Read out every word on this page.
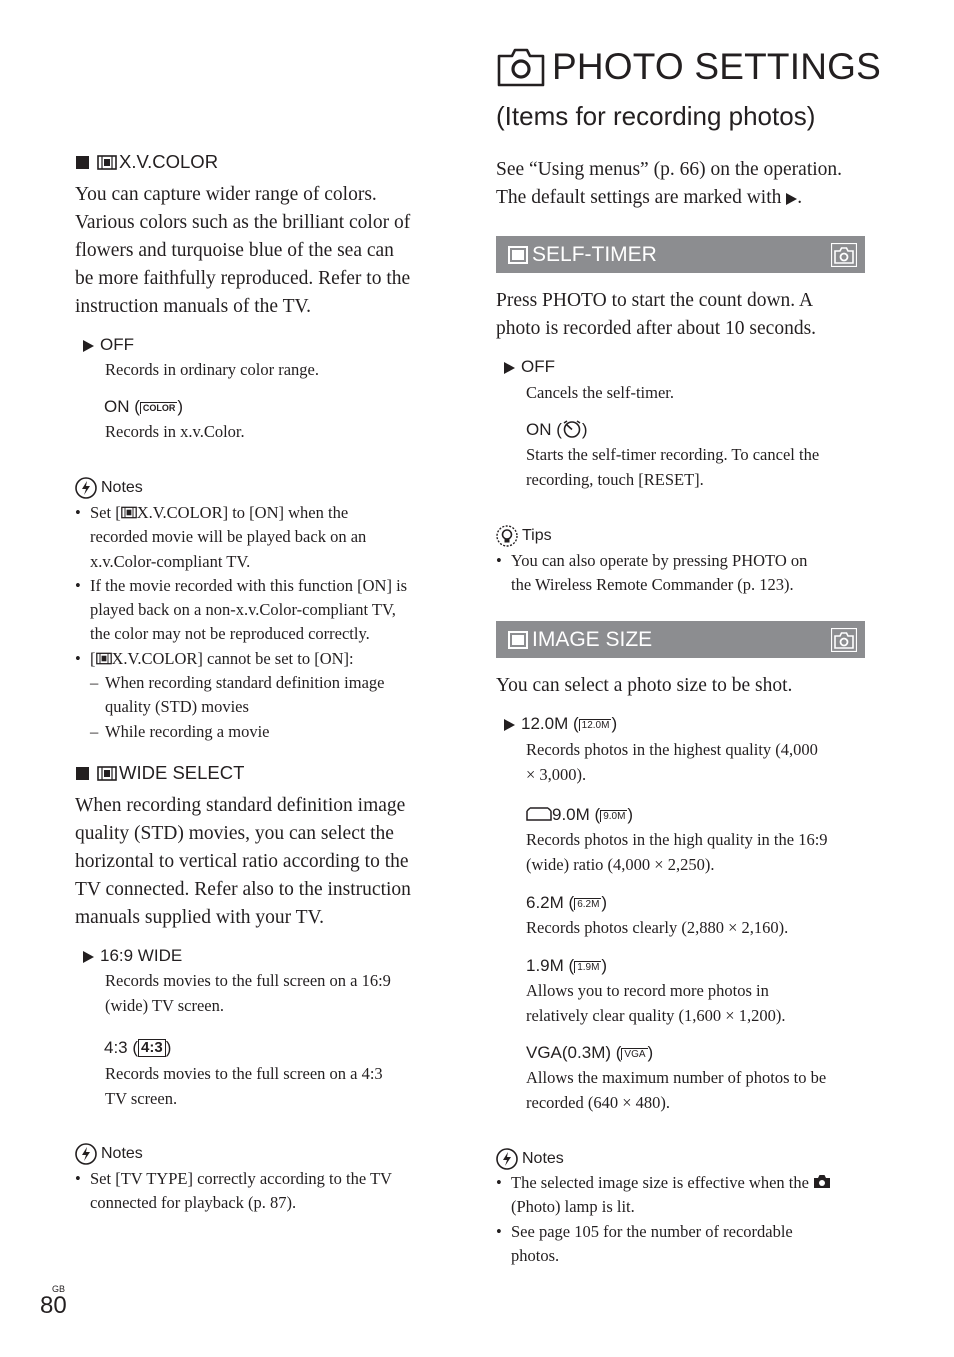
X.V.COLOR

You can capture wider range of colors.

Various colors such as the brilliant color of

flowers and turquoise blue of the sea can

be more faithfully reproduced. Refer to the

instruction manuals of the TV.

OFF

Records in ordinary color range.

ON ( COLOR )

Records in x.v.Color.

Notes
• Set [ X.V.COLOR] to [ON] when the
recorded movie will be played back on an
x.v.Color-compliant TV.
• If the movie recorded with this function [ON] is
played back on a non-x.v.Color-compliant TV,
the color may not be reproduced correctly.
• [ X.V.COLOR] cannot be set to [ON]:
– When recording standard definition image
quality (STD) movies
– While recording a movie
WIDE SELECT

When recording standard definition image

quality (STD) movies, you can select the

horizontal to vertical ratio according to the

TV connected. Refer also to the instruction

manuals supplied with your TV.

16:9 WIDE

Records movies to the full screen on a 16:9

(wide) TV screen.

4:3 ( 4:3 )

Records movies to the full screen on a 4:3

TV screen.

Notes
• Set [TV TYPE] correctly according to the TV
connected for playback (p. 87).
GB
80
PHOTO SETTINGS
(Items for recording photos)

See “Using menus” (p. 66) on the operation.

The default settings are marked with .

SELF-TIMER

Press PHOTO to start the count down. A

photo is recorded after about 10 seconds.

OFF

Cancels the self-timer.

ON ( )

Starts the self-timer recording. To cancel the

recording, touch [RESET].

Tips
• You can also operate by pressing PHOTO on
the Wireless Remote Commander (p. 123).
IMAGE SIZE

You can select a photo size to be shot.

12.0M ( 12.0M )

Records photos in the highest quality (4,000

× 3,000).

9.0M ( 9.0M )

Records photos in the high quality in the 16:9

(wide) ratio (4,000 × 2,250).

6.2M ( 6.2M )

Records photos clearly (2,880 × 2,160).

1.9M ( 1.9M )

Allows you to record more photos in

relatively clear quality (1,600 × 1,200).

VGA(0.3M) ( VGA )

Allows the maximum number of photos to be

recorded (640 × 480).

Notes
• The selected image size is effective when the
(Photo) lamp is lit.
• See page 105 for the number of recordable
photos.
